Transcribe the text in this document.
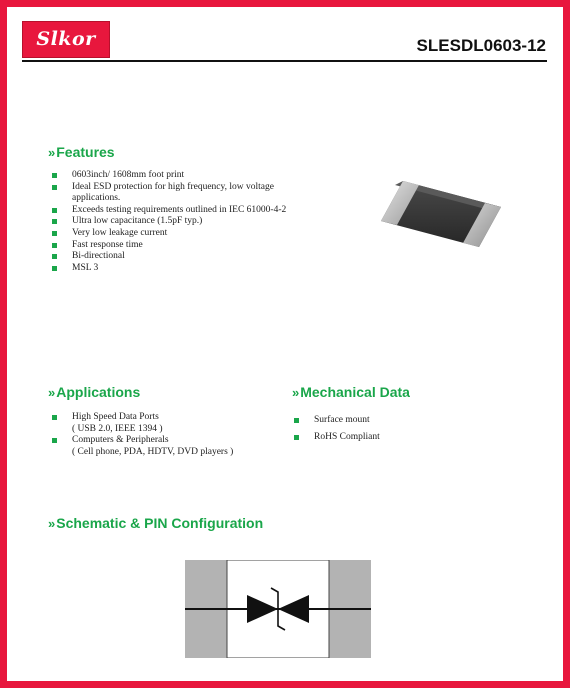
Slkor	SLESDL0603-12
»Features
0603inch/ 1608mm foot print
Ideal ESD protection for high frequency, low voltage
applications.
Exceeds testing requirements outlined in IEC 61000-4-2
Ultra low capacitance (1.5pF typ.)
Very low leakage current
Fast response time
Bi-directional
MSL 3
»Applications
High Speed Data Ports
( USB 2.0, IEEE 1394 )
Computers & Peripherals
( Cell phone, PDA, HDTV, DVD players )
»Mechanical Data
Surface mount
RoHS Compliant
»Schematic & PIN Configuration
